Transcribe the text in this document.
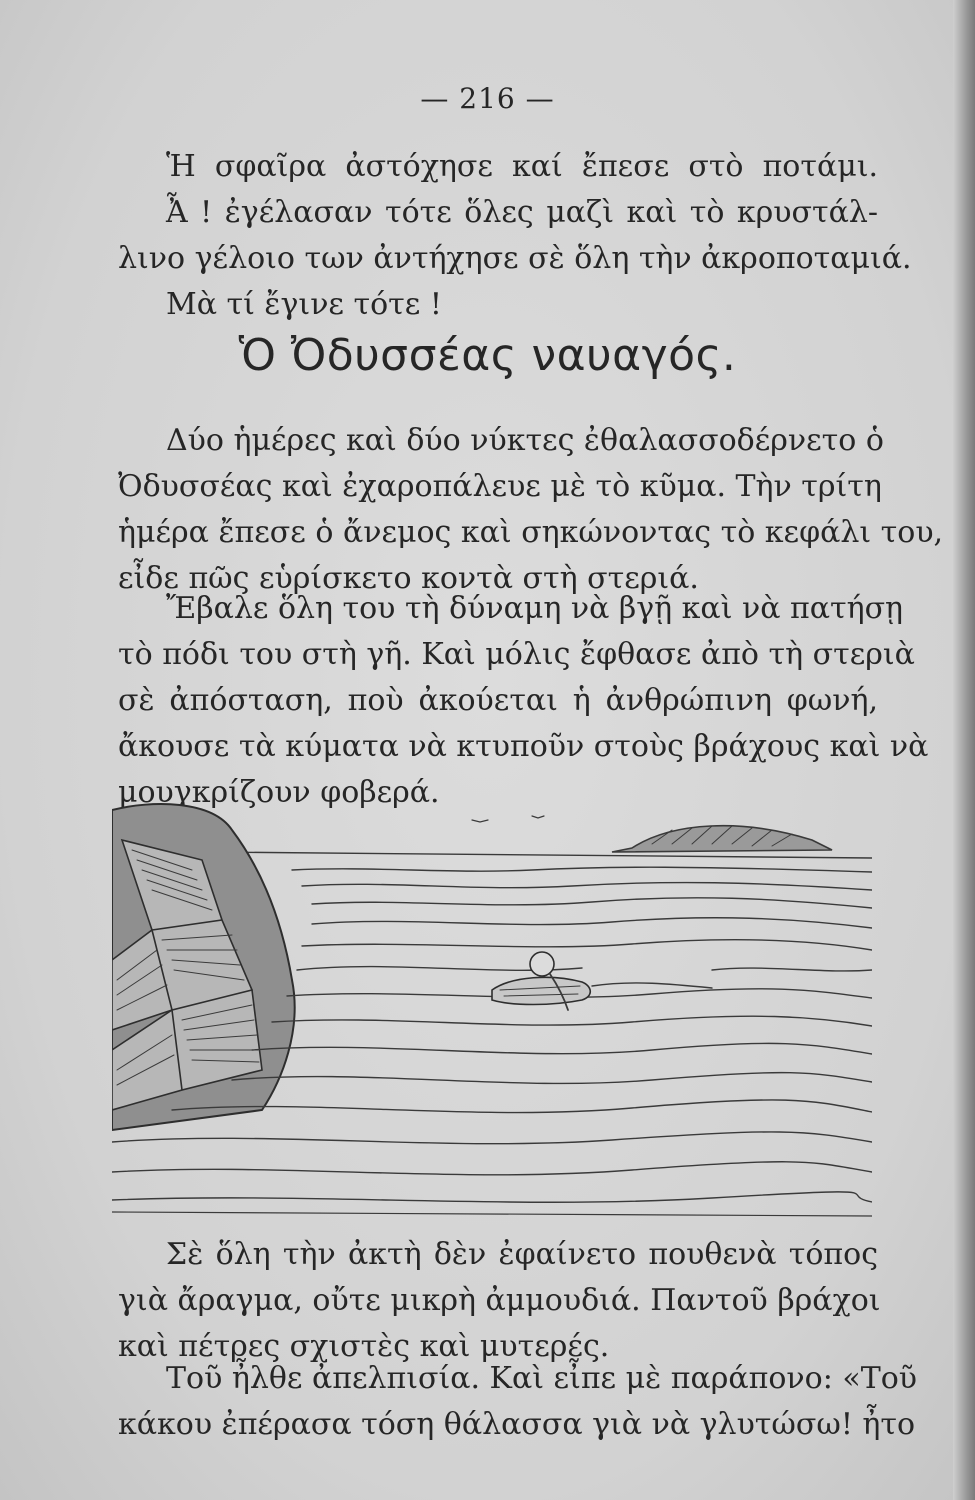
— 216 —
Ἡ σφαῖρα ἀστόχησε καί ἔπεσε στὸ ποτάμι.
Ἆ ! ἐγέλασαν τότε ὅλες μαζὶ καὶ τὸ κρυστάλ-
λινο γέλοιο των ἀντήχησε σὲ ὅλη τὴν ἀκροποταμιά.
Μὰ τί ἔγινε τότε !
Ὁ Ὀδυσσέας ναυαγός.
Δύο ἡμέρες καὶ δύο νύκτες ἐθαλασσοδέρνετο ὁ
Ὀδυσσέας καὶ ἐχαροπάλευε μὲ τὸ κῦμα. Τὴν τρίτη
ἡμέρα ἔπεσε ὁ ἄνεμος καὶ σηκώνοντας τὸ κεφάλι του,
εἶδε πῶς εὑρίσκετο κοντὰ στὴ στεριά.
Ἔβαλε ὅλη του τὴ δύναμη νὰ βγῇ καὶ νὰ πατήσῃ
τὸ πόδι του στὴ γῆ. Καὶ μόλις ἔφθασε ἀπὸ τὴ στεριὰ
σὲ ἀπόσταση, ποὺ ἀκούεται ἡ ἀνθρώπινη φωνή,
ἄκουσε τὰ κύματα νὰ κτυποῦν στοὺς βράχους καὶ νὰ
μουγκρίζουν φοβερά.
Σὲ ὅλη τὴν ἀκτὴ δὲν ἐφαίνετο πουθενὰ τόπος
γιὰ ἄραγμα, οὔτε μικρὴ ἀμμουδιά. Παντοῦ βράχοι
καὶ πέτρες σχιστὲς καὶ μυτερές.
Τοῦ ἦλθε ἀπελπισία. Καὶ εἶπε μὲ παράπονο: «Τοῦ
κάκου ἐπέρασα τόση θάλασσα γιὰ νὰ γλυτώσω! ἦτο
